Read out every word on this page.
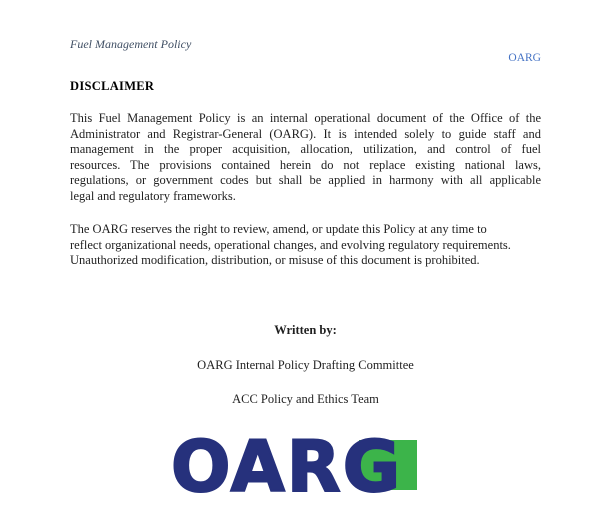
Fuel Management Policy
OARG
DISCLAIMER
This Fuel Management Policy is an internal operational document of the Office of the
Administrator and Registrar-General (OARG). It is intended solely to guide staff and
management in the proper acquisition, allocation, utilization, and control of fuel
resources. The provisions contained herein do not replace existing national laws,
regulations, or government codes but shall be applied in harmony with all applicable
legal and regulatory frameworks.
The OARG reserves the right to review, amend, or update this Policy at any time to
reflect organizational needs, operational changes, and evolving regulatory requirements.
Unauthorized modification, distribution, or misuse of this document is prohibited.
Written by:
OARG Internal Policy Drafting Committee
ACC Policy and Ethics Team
OARG
